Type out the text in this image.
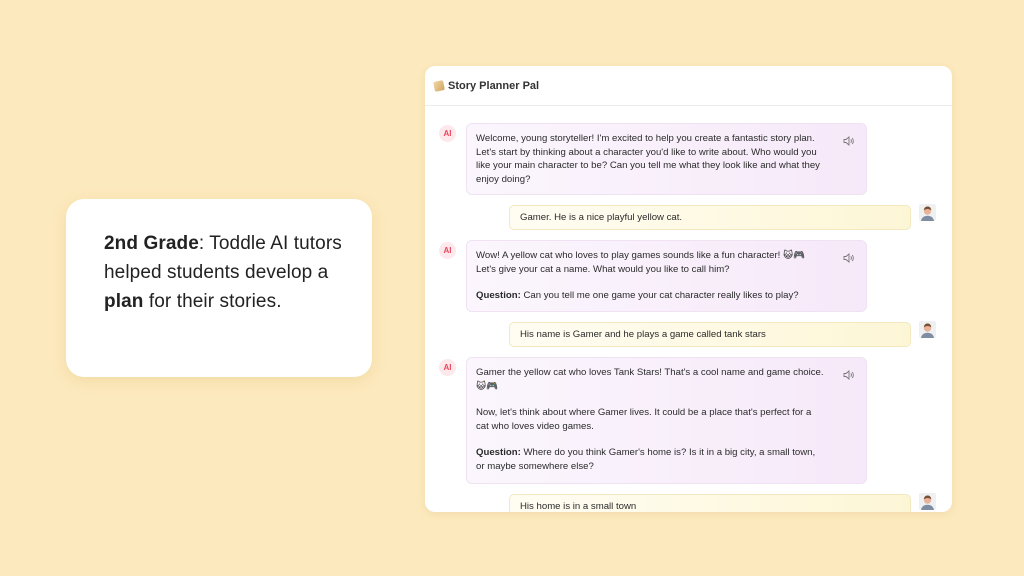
2nd Grade: Toddle AI tutors helped students develop a plan for their stories.
Story Planner Pal
AI	Welcome, young storyteller! I'm excited to help you create a fantastic story plan. Let's start by thinking about a character you'd like to write about. Who would you like your main character to be? Can you tell me what they look like and what they enjoy doing?

Gamer. He is a nice playful yellow cat.
AI	Wow! A yellow cat who loves to play games sounds like a fun character! 😺🎮 Let's give your cat a name. What would you like to call him?

Question: Can you tell me one game your cat character really likes to play?

His name is Gamer and he plays a game called tank stars
AI	Gamer the yellow cat who loves Tank Stars! That's a cool name and game choice. 😺🎮

Now, let's think about where Gamer lives. It could be a place that's perfect for a cat who loves video games.

Question: Where do you think Gamer's home is? Is it in a big city, a small town, or maybe somewhere else?

His home is in a small town
